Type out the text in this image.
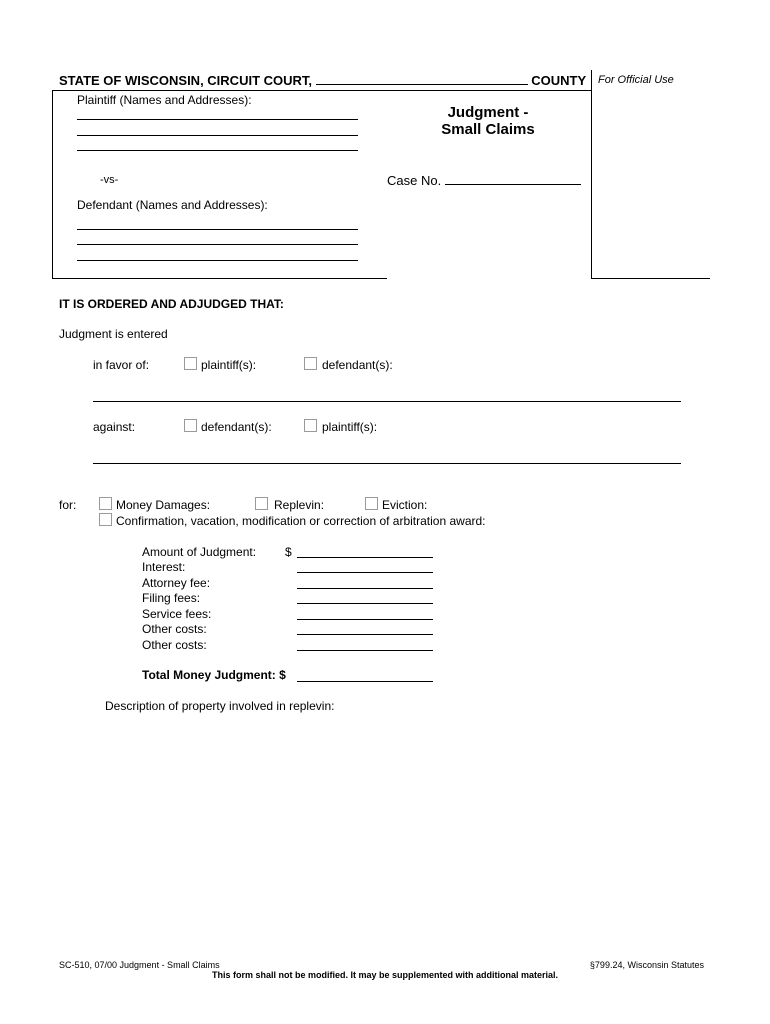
STATE OF WISCONSIN, CIRCUIT COURT,	COUNTY For Official Use
Plaintiff (Names and Addresses):
-vs-
Defendant (Names and Addresses):
Judgment -
Small Claims
Case No.
IT IS ORDERED AND ADJUDGED THAT:
Judgment is entered
in favor of:	plaintiff(s):	defendant(s):
against:	defendant(s):	plaintiff(s):
for:	Money Damages:	Replevin:	Eviction:
Confirmation, vacation, modification or correction of arbitration award:
Amount of Judgment: $
Interest:
Attorney fee:
Filing fees:
Service fees:
Other costs:
Other costs:
Total Money Judgment: $
Description of property involved in replevin:
SC-510, 07/00 Judgment - Small Claims	§799.24, Wisconsin Statutes
This form shall not be modified. It may be supplemented with additional material.
